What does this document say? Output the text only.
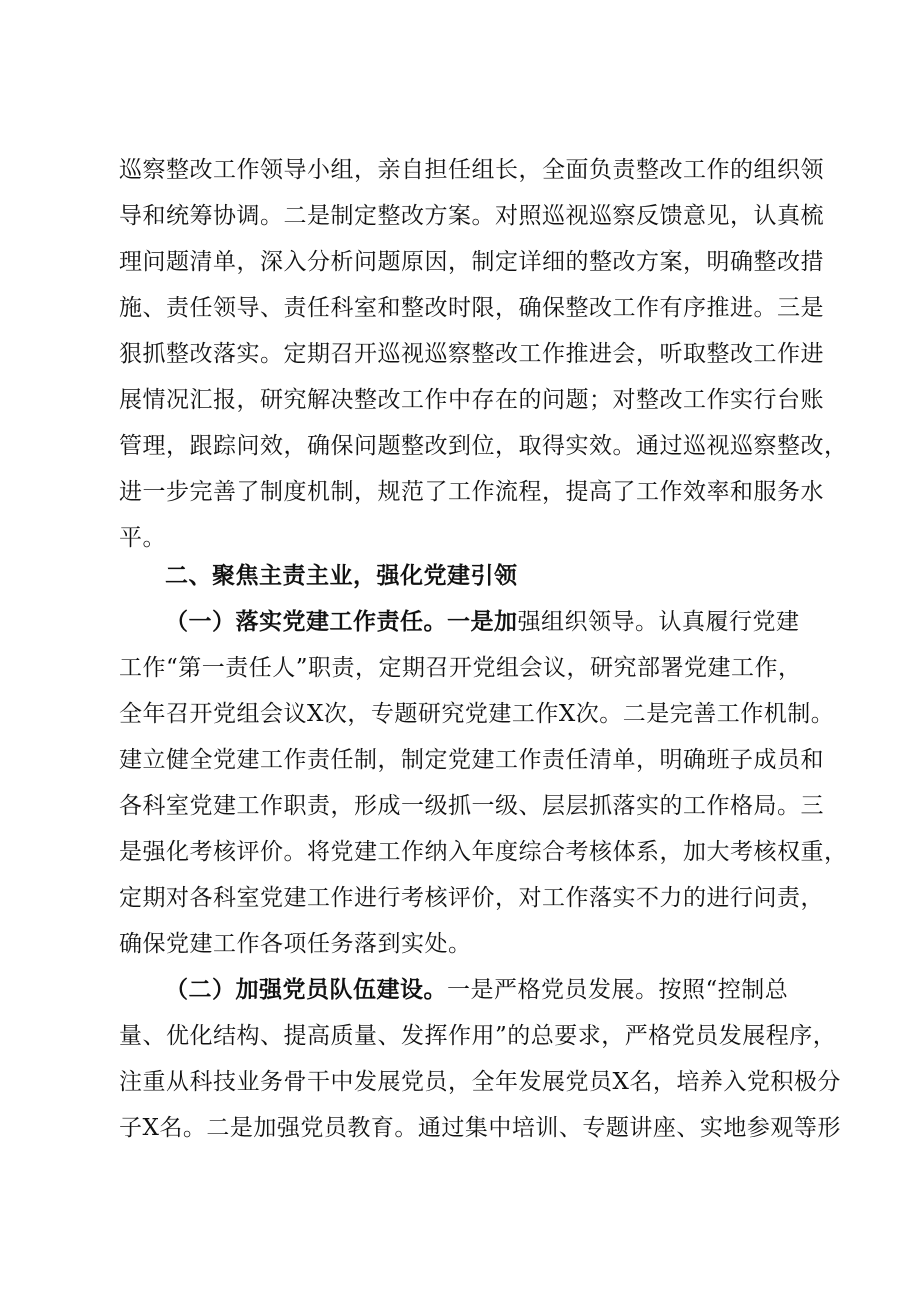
巡察整改工作领导小组，亲自担任组长，全面负责整改工作的组织领
导和统筹协调。二是制定整改方案。对照巡视巡察反馈意见，认真梳
理问题清单，深入分析问题原因，制定详细的整改方案，明确整改措
施、责任领导、责任科室和整改时限，确保整改工作有序推进。三是
狠抓整改落实。定期召开巡视巡察整改工作推进会，听取整改工作进
展情况汇报，研究解决整改工作中存在的问题；对整改工作实行台账
管理，跟踪问效，确保问题整改到位，取得实效。通过巡视巡察整改，
进一步完善了制度机制，规范了工作流程，提高了工作效率和服务水
平。
二、聚焦主责主业，强化党建引领
（一）落实党建工作责任。一是加强组织领导。认真履行党建
工作“第一责任人”职责，定期召开党组会议，研究部署党建工作，
全年召开党组会议X次，专题研究党建工作X次。二是完善工作机制。
建立健全党建工作责任制，制定党建工作责任清单，明确班子成员和
各科室党建工作职责，形成一级抓一级、层层抓落实的工作格局。三
是强化考核评价。将党建工作纳入年度综合考核体系，加大考核权重，
定期对各科室党建工作进行考核评价，对工作落实不力的进行问责，
确保党建工作各项任务落到实处。
（二）加强党员队伍建设。一是严格党员发展。按照“控制总
量、优化结构、提高质量、发挥作用”的总要求，严格党员发展程序，
注重从科技业务骨干中发展党员，全年发展党员X名，培养入党积极分
子X名。二是加强党员教育。通过集中培训、专题讲座、实地参观等形
